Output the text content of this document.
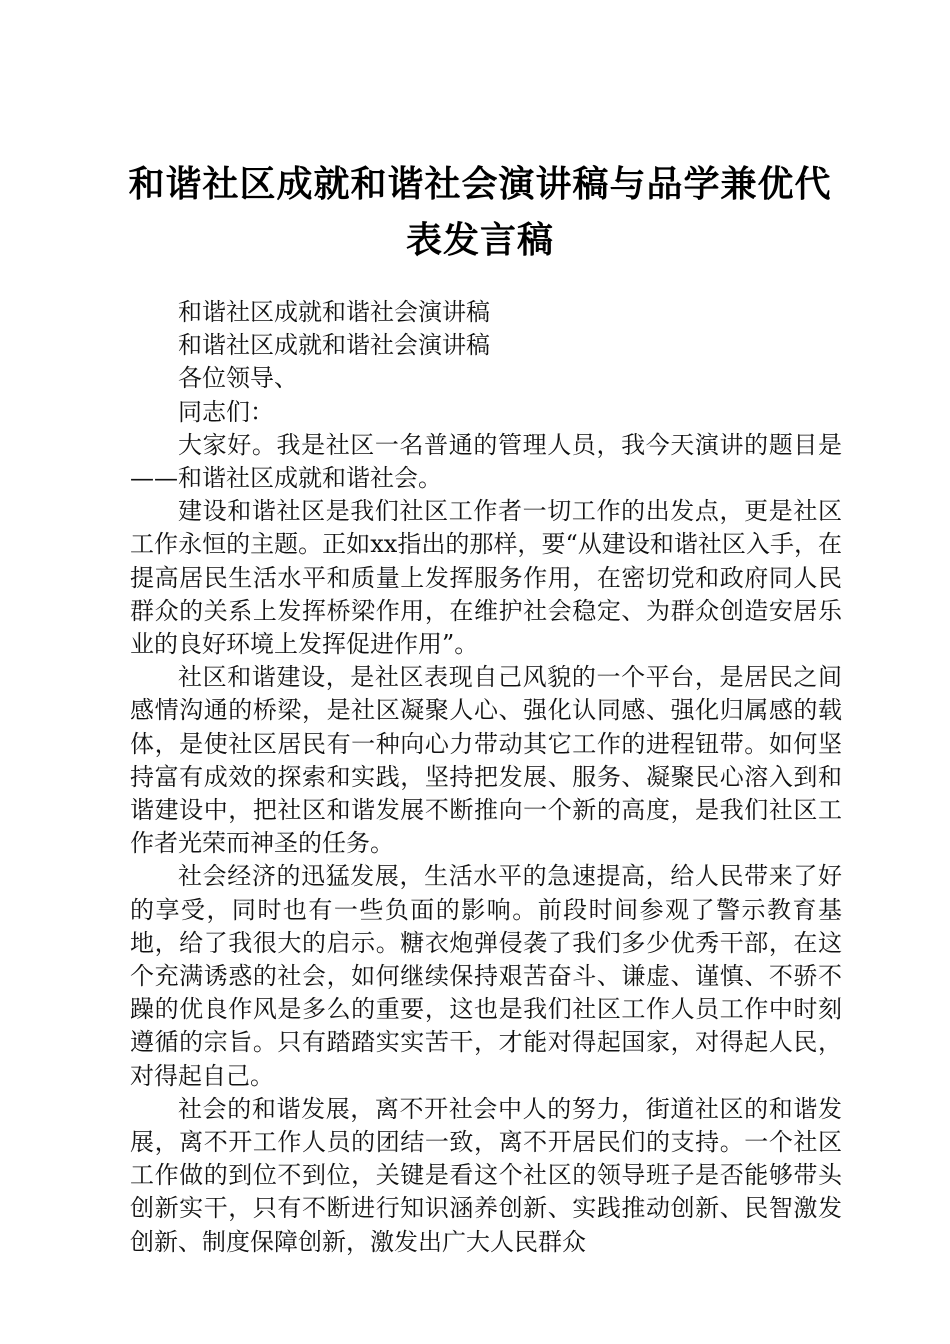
和谐社区成就和谐社会演讲稿与品学兼优代表发言稿

和谐社区成就和谐社会演讲稿

和谐社区成就和谐社会演讲稿

各位领导、

同志们：

大家好。我是社区一名普通的管理人员，我今天演讲的题目是——和谐社区成就和谐社会。

建设和谐社区是我们社区工作者一切工作的出发点，更是社区工作永恒的主题。正如xx指出的那样，要“从建设和谐社区入手，在提高居民生活水平和质量上发挥服务作用，在密切党和政府同人民群众的关系上发挥桥梁作用，在维护社会稳定、为群众创造安居乐业的良好环境上发挥促进作用”。

社区和谐建设，是社区表现自己风貌的一个平台，是居民之间感情沟通的桥梁，是社区凝聚人心、强化认同感、强化归属感的载体，是使社区居民有一种向心力带动其它工作的进程钮带。如何坚持富有成效的探索和实践，坚持把发展、服务、凝聚民心溶入到和谐建设中，把社区和谐发展不断推向一个新的高度，是我们社区工作者光荣而神圣的任务。

社会经济的迅猛发展，生活水平的急速提高，给人民带来了好的享受，同时也有一些负面的影响。前段时间参观了警示教育基地，给了我很大的启示。糖衣炮弹侵袭了我们多少优秀干部，在这个充满诱惑的社会，如何继续保持艰苦奋斗、谦虚、谨慎、不骄不躁的优良作风是多么的重要，这也是我们社区工作人员工作中时刻遵循的宗旨。只有踏踏实实苦干，才能对得起国家，对得起人民，对得起自己。

社会的和谐发展，离不开社会中人的努力，街道社区的和谐发展，离不开工作人员的团结一致，离不开居民们的支持。一个社区工作做的到位不到位，关键是看这个社区的领导班子是否能够带头创新实干，只有不断进行知识涵养创新、实践推动创新、民智激发创新、制度保障创新，激发出广大人民群众
